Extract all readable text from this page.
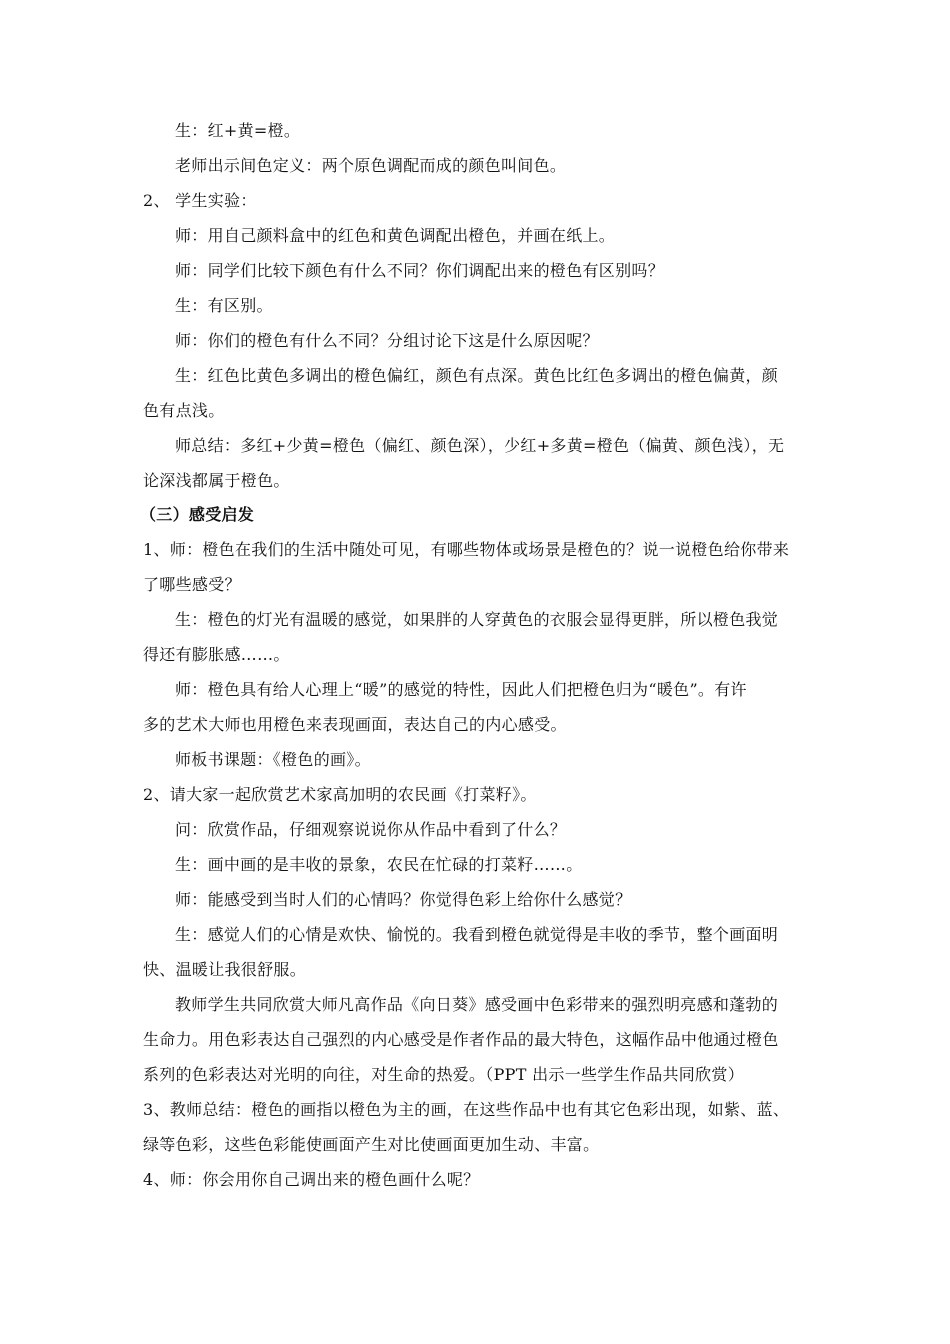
生：红+黄=橙。
老师出示间色定义：两个原色调配而成的颜色叫间色。
2、 学生实验：
师：用自己颜料盒中的红色和黄色调配出橙色，并画在纸上。
师：同学们比较下颜色有什么不同？你们调配出来的橙色有区别吗？
生：有区别。
师：你们的橙色有什么不同？分组讨论下这是什么原因呢？
生：红色比黄色多调出的橙色偏红，颜色有点深。黄色比红色多调出的橙色偏黄，颜
色有点浅。
师总结：多红+少黄=橙色（偏红、颜色深），少红+多黄=橙色（偏黄、颜色浅），无
论深浅都属于橙色。
（三）感受启发
1、师：橙色在我们的生活中随处可见，有哪些物体或场景是橙色的？说一说橙色给你带来
了哪些感受？
生：橙色的灯光有温暖的感觉，如果胖的人穿黄色的衣服会显得更胖，所以橙色我觉
得还有膨胀感……。
师：橙色具有给人心理上“暖”的感觉的特性，因此人们把橙色归为“暖色”。有许
多的艺术大师也用橙色来表现画面，表达自己的内心感受。
师板书课题：《橙色的画》。
2、请大家一起欣赏艺术家高加明的农民画《打菜籽》。
问：欣赏作品，仔细观察说说你从作品中看到了什么？
生：画中画的是丰收的景象，农民在忙碌的打菜籽……。
师：能感受到当时人们的心情吗？你觉得色彩上给你什么感觉？
生：感觉人们的心情是欢快、愉悦的。我看到橙色就觉得是丰收的季节，整个画面明
快、温暖让我很舒服。
教师学生共同欣赏大师凡高作品《向日葵》感受画中色彩带来的强烈明亮感和蓬勃的
生命力。用色彩表达自己强烈的内心感受是作者作品的最大特色，这幅作品中他通过橙色
系列的色彩表达对光明的向往，对生命的热爱。（PPT 出示一些学生作品共同欣赏）
3、教师总结：橙色的画指以橙色为主的画，在这些作品中也有其它色彩出现，如紫、蓝、
绿等色彩，这些色彩能使画面产生对比使画面更加生动、丰富。
4、师：你会用你自己调出来的橙色画什么呢？
